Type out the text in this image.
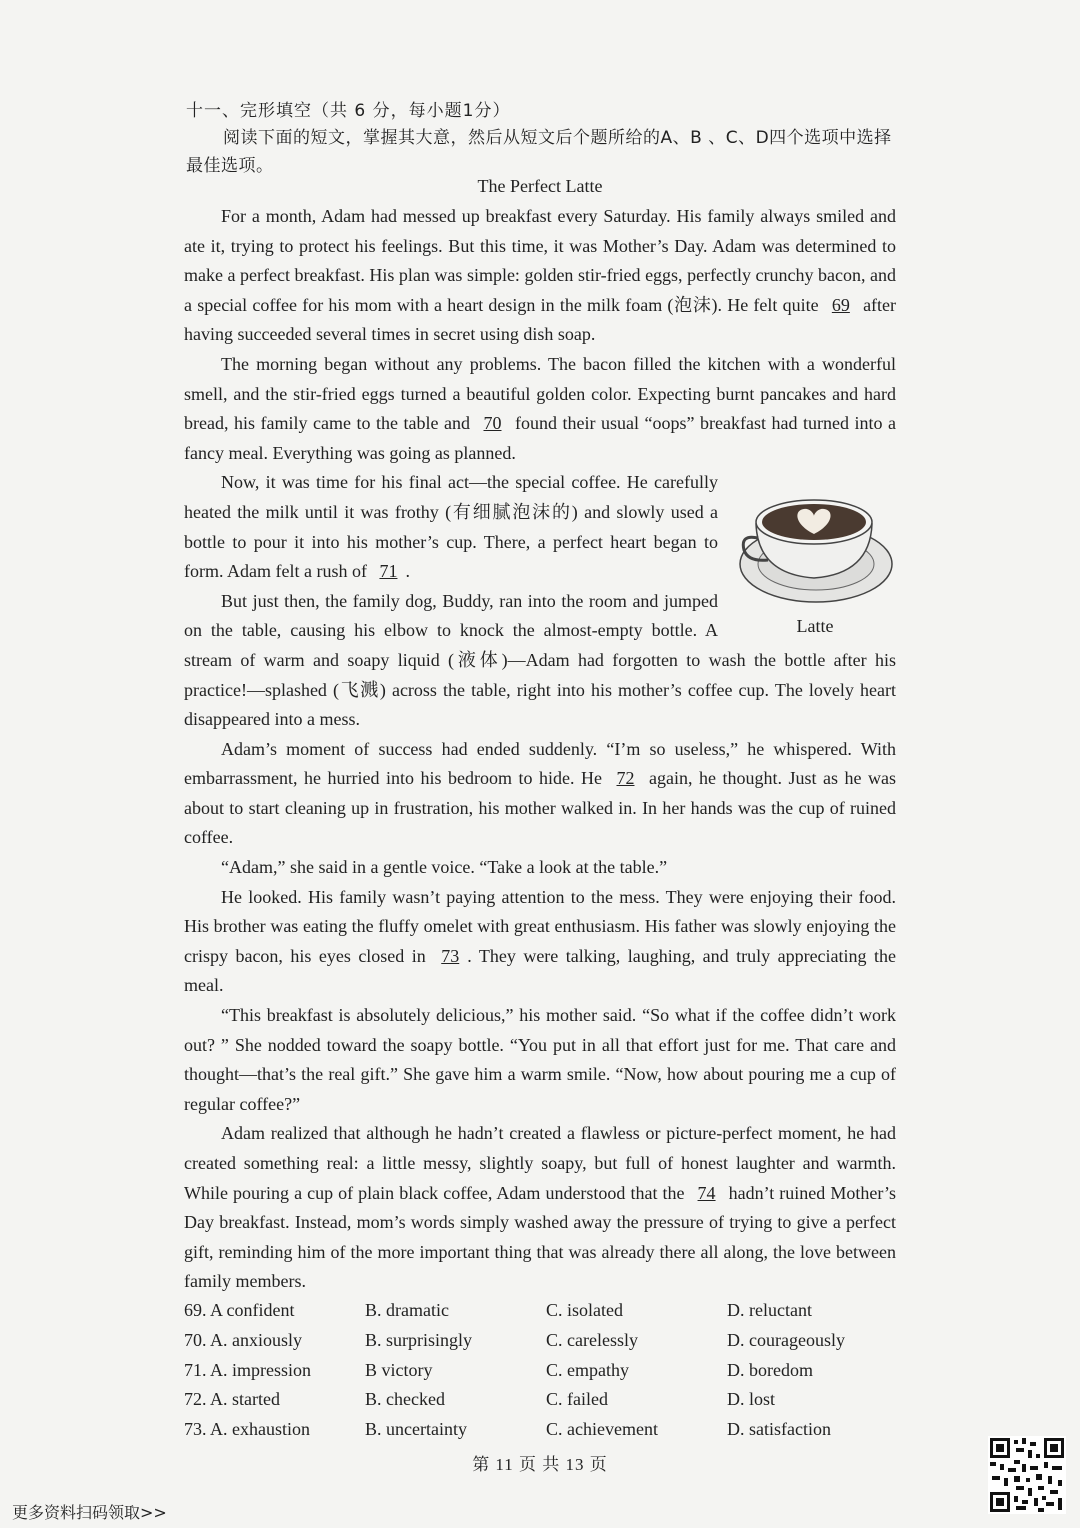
十一、完形填空（共 6 分，每小题1分）
阅读下面的短文，掌握其大意，然后从短文后个题所给的A、B 、C、D四个选项中选择最佳选项。
The Perfect Latte

For a month, Adam had messed up breakfast every Saturday. His family always smiled and ate it, trying to protect his feelings. But this time, it was Mother’s Day. Adam was determined to make a perfect breakfast. His plan was simple: golden stir-fried eggs, perfectly crunchy bacon, and a special coffee for his mom with a heart design in the milk foam (泡沫). He felt quite 69 after having succeeded several times in secret using dish soap.

The morning began without any problems. The bacon filled the kitchen with a wonderful smell, and the stir-fried eggs turned a beautiful golden color. Expecting burnt pancakes and hard bread, his family came to the table and 70 found their usual “oops” breakfast had turned into a fancy meal. Everything was going as planned.

Latte

Now, it was time for his final act—the special coffee. He carefully heated the milk until it was frothy (有细腻泡沫的) and slowly used a bottle to pour it into his mother’s cup. There, a perfect heart began to form. Adam felt a rush of 71 .

But just then, the family dog, Buddy, ran into the room and jumped on the table, causing his elbow to knock the almost-empty bottle. A stream of warm and soapy liquid (液体)—Adam had forgotten to wash the bottle after his practice!—splashed (飞溅) across the table, right into his mother’s coffee cup. The lovely heart disappeared into a mess.

Adam’s moment of success had ended suddenly. “I’m so useless,” he whispered. With embarrassment, he hurried into his bedroom to hide. He 72 again, he thought. Just as he was about to start cleaning up in frustration, his mother walked in. In her hands was the cup of ruined coffee.

“Adam,” she said in a gentle voice. “Take a look at the table.”

He looked. His family wasn’t paying attention to the mess. They were enjoying their food. His brother was eating the fluffy omelet with great enthusiasm. His father was slowly enjoying the crispy bacon, his eyes closed in 73 . They were talking, laughing, and truly appreciating the meal.

“This breakfast is absolutely delicious,” his mother said. “So what if the coffee didn’t work out? ” She nodded toward the soapy bottle. “You put in all that effort just for me. That care and thought—that’s the real gift.” She gave him a warm smile. “Now, how about pouring me a cup of regular coffee?”

Adam realized that although he hadn’t created a flawless or picture-perfect moment, he had created something real: a little messy, slightly soapy, but full of honest laughter and warmth. While pouring a cup of plain black coffee, Adam understood that the 74 hadn’t ruined Mother’s Day breakfast. Instead, mom’s words simply washed away the pressure of trying to give a perfect gift, reminding him of the more important thing that was already there all along, the love between family members.

69. A confident	B. dramatic	C. isolated	D. reluctant
70. A. anxiously	B. surprisingly	C. carelessly	D. courageously
71. A. impression	B victory	C. empathy	D. boredom
72. A. started	B. checked	C. failed	D. lost
73. A. exhaustion	B. uncertainty	C. achievement	D. satisfaction
第 11 页 共 13 页
更多资料扫码领取>>
